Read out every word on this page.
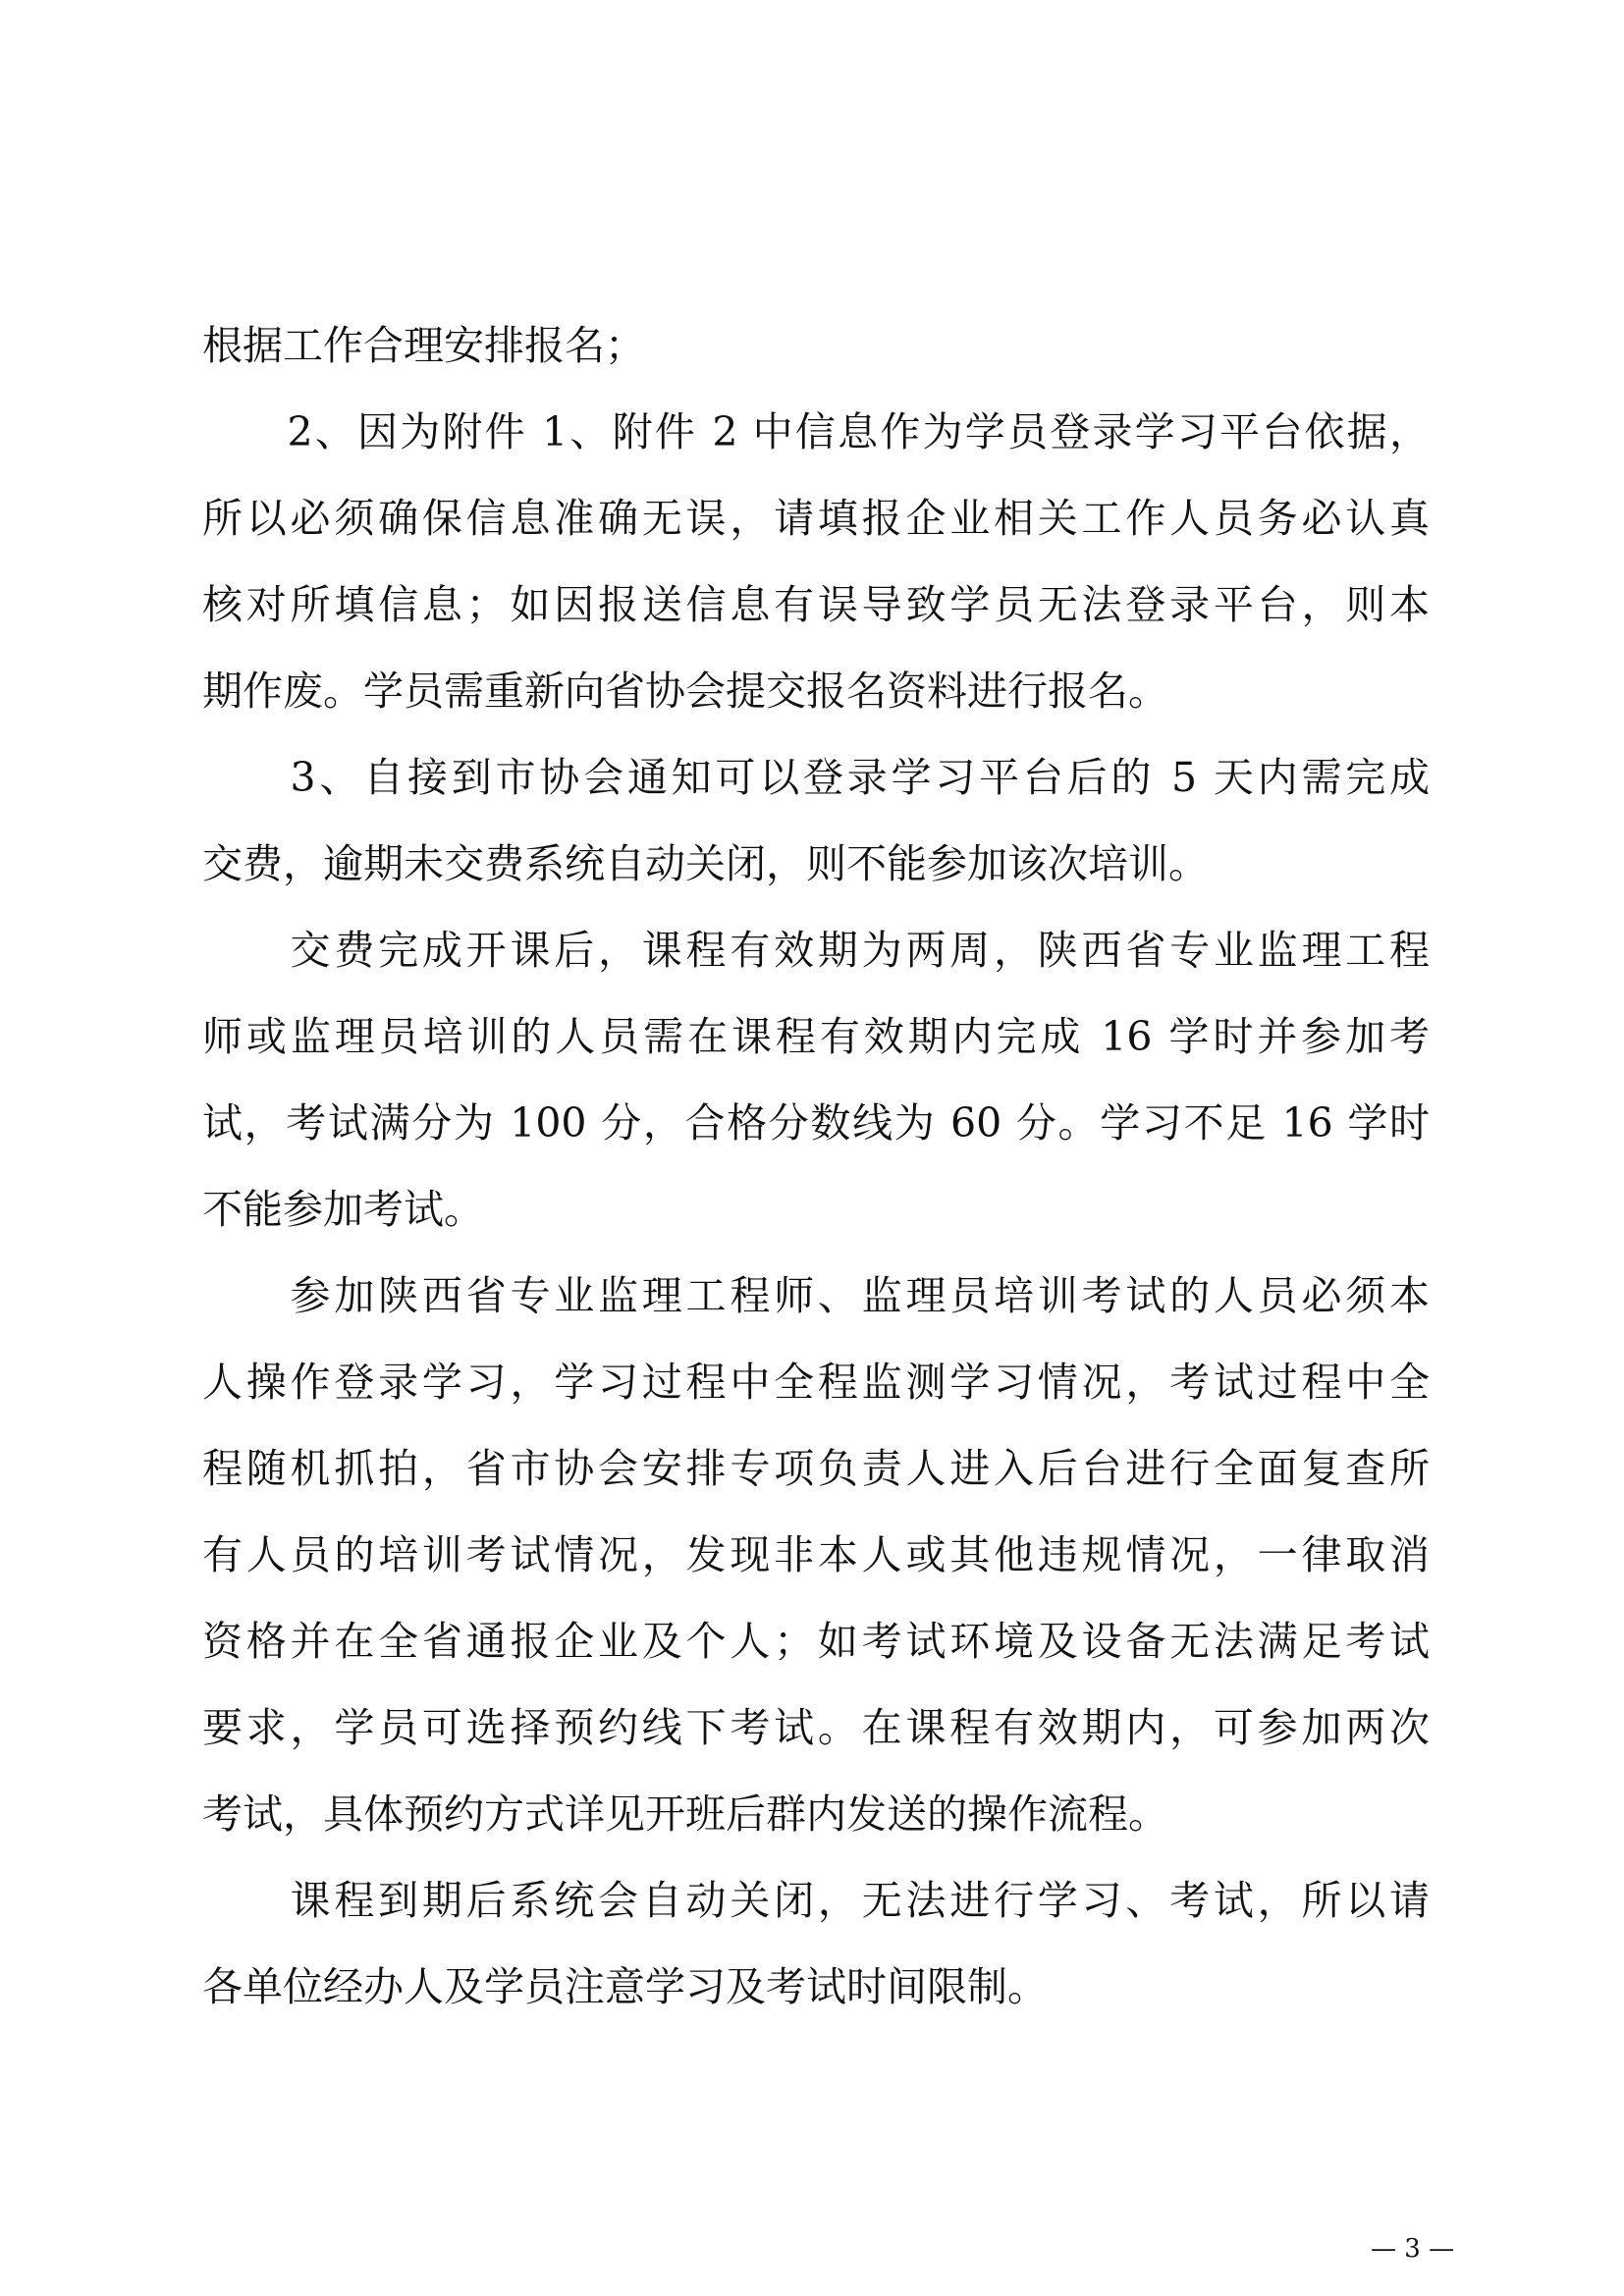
根据工作合理安排报名；
　　2、因为附件 1、附件 2 中信息作为学员登录学习平台依据，
所以必须确保信息准确无误，请填报企业相关工作人员务必认真
核对所填信息；如因报送信息有误导致学员无法登录平台，则本
期作废。学员需重新向省协会提交报名资料进行报名。
　　3、自接到市协会通知可以登录学习平台后的 5 天内需完成
交费，逾期未交费系统自动关闭，则不能参加该次培训。
　　交费完成开课后，课程有效期为两周，陕西省专业监理工程
师或监理员培训的人员需在课程有效期内完成 16 学时并参加考
试，考试满分为 100 分，合格分数线为 60 分。学习不足 16 学时
不能参加考试。
　　参加陕西省专业监理工程师、监理员培训考试的人员必须本
人操作登录学习，学习过程中全程监测学习情况，考试过程中全
程随机抓拍，省市协会安排专项负责人进入后台进行全面复查所
有人员的培训考试情况，发现非本人或其他违规情况，一律取消
资格并在全省通报企业及个人；如考试环境及设备无法满足考试
要求，学员可选择预约线下考试。在课程有效期内，可参加两次
考试，具体预约方式详见开班后群内发送的操作流程。
　　课程到期后系统会自动关闭，无法进行学习、考试，所以请
各单位经办人及学员注意学习及考试时间限制。
— 3 —
